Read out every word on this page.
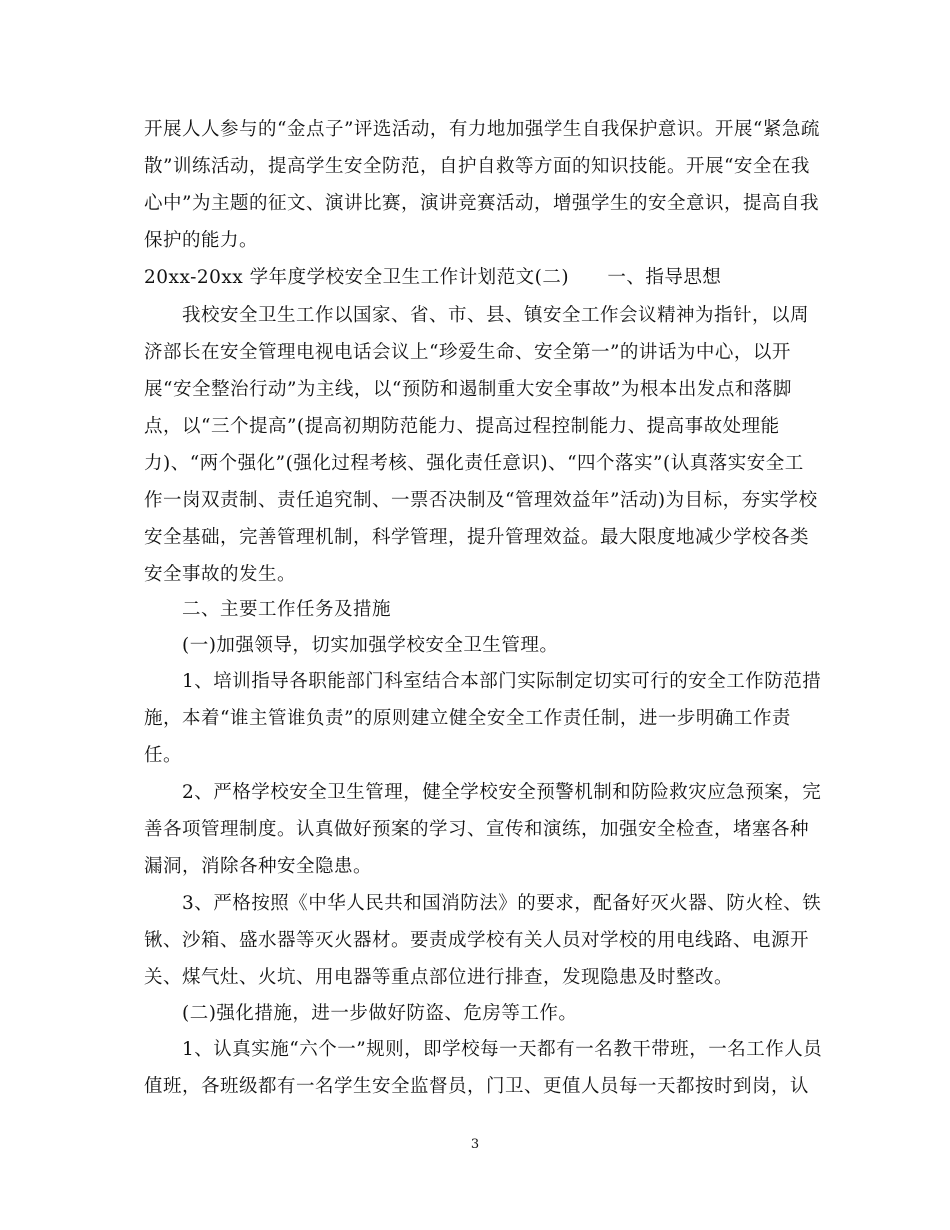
开展人人参与的“金点子”评选活动，有力地加强学生自我保护意识。开展“紧急疏
散”训练活动，提高学生安全防范，自护自救等方面的知识技能。开展“安全在我
心中”为主题的征文、演讲比赛，演讲竞赛活动，增强学生的安全意识，提高自我
保护的能力。
20xx-20xx 学年度学校安全卫生工作计划范文(二)      一、指导思想
我校安全卫生工作以国家、省、市、县、镇安全工作会议精神为指针，以周
济部长在安全管理电视电话会议上“珍爱生命、安全第一”的讲话为中心，以开
展“安全整治行动”为主线，以“预防和遏制重大安全事故”为根本出发点和落脚
点，以“三个提高”(提高初期防范能力、提高过程控制能力、提高事故处理能
力)、“两个强化”(强化过程考核、强化责任意识)、“四个落实”(认真落实安全工
作一岗双责制、责任追究制、一票否决制及“管理效益年”活动)为目标，夯实学校
安全基础，完善管理机制，科学管理，提升管理效益。最大限度地减少学校各类
安全事故的发生。
二、主要工作任务及措施
(一)加强领导，切实加强学校安全卫生管理。
1、培训指导各职能部门科室结合本部门实际制定切实可行的安全工作防范措
施，本着“谁主管谁负责”的原则建立健全安全工作责任制，进一步明确工作责
任。
2、严格学校安全卫生管理，健全学校安全预警机制和防险救灾应急预案，完
善各项管理制度。认真做好预案的学习、宣传和演练，加强安全检查，堵塞各种
漏洞，消除各种安全隐患。
3、严格按照《中华人民共和国消防法》的要求，配备好灭火器、防火栓、铁
锹、沙箱、盛水器等灭火器材。要责成学校有关人员对学校的用电线路、电源开
关、煤气灶、火坑、用电器等重点部位进行排查，发现隐患及时整改。
(二)强化措施，进一步做好防盗、危房等工作。
1、认真实施“六个一”规则，即学校每一天都有一名教干带班，一名工作人员
值班，各班级都有一名学生安全监督员，门卫、更值人员每一天都按时到岗，认
3
